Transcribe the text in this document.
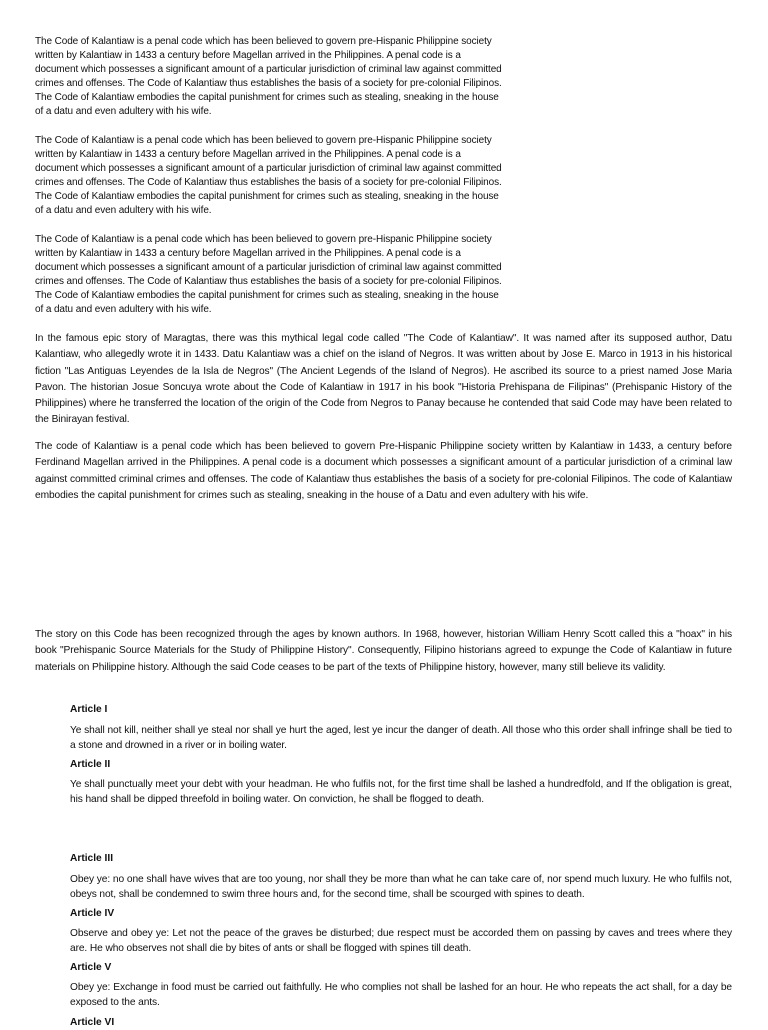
The Code of Kalantiaw is a penal code which has been believed to govern pre-Hispanic Philippine society written by Kalantiaw in 1433 a century before Magellan arrived in the Philippines. A penal code is a document which possesses a significant amount of a particular jurisdiction of criminal law against committed crimes and offenses. The Code of Kalantiaw thus establishes the basis of a society for pre-colonial Filipinos. The Code of Kalantiaw embodies the capital punishment for crimes such as stealing, sneaking in the house of a datu and even adultery with his wife.

The Code of Kalantiaw is a penal code which has been believed to govern pre-Hispanic Philippine society written by Kalantiaw in 1433 a century before Magellan arrived in the Philippines. A penal code is a document which possesses a significant amount of a particular jurisdiction of criminal law against committed crimes and offenses. The Code of Kalantiaw thus establishes the basis of a society for pre-colonial Filipinos. The Code of Kalantiaw embodies the capital punishment for crimes such as stealing, sneaking in the house of a datu and even adultery with his wife.

The Code of Kalantiaw is a penal code which has been believed to govern pre-Hispanic Philippine society written by Kalantiaw in 1433 a century before Magellan arrived in the Philippines. A penal code is a document which possesses a significant amount of a particular jurisdiction of criminal law against committed crimes and offenses. The Code of Kalantiaw thus establishes the basis of a society for pre-colonial Filipinos. The Code of Kalantiaw embodies the capital punishment for crimes such as stealing, sneaking in the house of a datu and even adultery with his wife.

In the famous epic story of Maragtas, there was this mythical legal code called "The Code of Kalantiaw". It was named after its supposed author, Datu Kalantiaw, who allegedly wrote it in 1433. Datu Kalantiaw was a chief on the island of Negros. It was written about by Jose E. Marco in 1913 in his historical fiction "Las Antiguas Leyendes de la Isla de Negros" (The Ancient Legends of the Island of Negros). He ascribed its source to a priest named Jose Maria Pavon. The historian Josue Soncuya wrote about the Code of Kalantiaw in 1917 in his book "Historia Prehispana de Filipinas" (Prehispanic History of the Philippines) where he transferred the location of the origin of the Code from Negros to Panay because he contended that said Code may have been related to the Binirayan festival.

The code of Kalantiaw is a penal code which has been believed to govern Pre-Hispanic Philippine society written by Kalantiaw in 1433, a century before Ferdinand Magellan arrived in the Philippines. A penal code is a document which possesses a significant amount of a particular jurisdiction of a criminal law against committed criminal crimes and offenses. The code of Kalantiaw thus establishes the basis of a society for pre-colonial Filipinos. The code of Kalantiaw embodies the capital punishment for crimes such as stealing, sneaking in the house of a Datu and even adultery with his wife.

The story on this Code has been recognized through the ages by known authors. In 1968, however, historian William Henry Scott called this a "hoax" in his book "Prehispanic Source Materials for the Study of Philippine History". Consequently, Filipino historians agreed to expunge the Code of Kalantiaw in future materials on Philippine history. Although the said Code ceases to be part of the texts of Philippine history, however, many still believe its validity.

Article I

Ye shall not kill, neither shall ye steal nor shall ye hurt the aged, lest ye incur the danger of death. All those who this order shall infringe shall be tied to a stone and drowned in a river or in boiling water.

Article II

Ye shall punctually meet your debt with your headman. He who fulfils not, for the first time shall be lashed a hundredfold, and If the obligation is great, his hand shall be dipped threefold in boiling water. On conviction, he shall be flogged to death.

Article III

Obey ye: no one shall have wives that are too young, nor shall they be more than what he can take care of, nor spend much luxury. He who fulfils not, obeys not, shall be condemned to swim three hours and, for the second time, shall be scourged with spines to death.

Article IV

Observe and obey ye: Let not the peace of the graves be disturbed; due respect must be accorded them on passing by caves and trees where they are. He who observes not shall die by bites of ants or shall be flogged with spines till death.

Article V

Obey ye: Exchange in food must be carried out faithfully. He who complies not shall be lashed for an hour. He who repeats the act shall, for a day be exposed to the ants.

Article VI
